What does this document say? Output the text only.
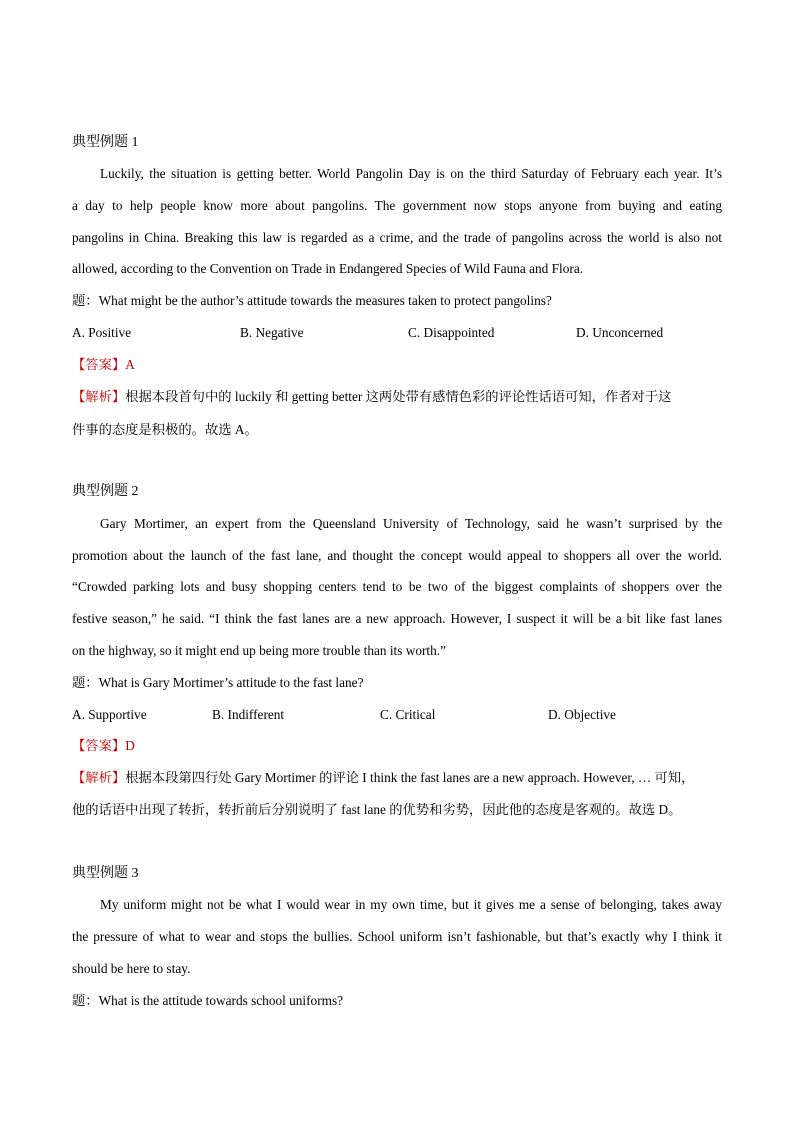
典型例题 1
Luckily, the situation is getting better. World Pangolin Day is on the third Saturday of February each year. It’s
a day to help people know more about pangolins. The government now stops anyone from buying and eating
pangolins in China. Breaking this law is regarded as a crime, and the trade of pangolins across the world is also not
allowed, according to the Convention on Trade in Endangered Species of Wild Fauna and Flora.
题：What might be the author’s attitude towards the measures taken to protect pangolins?
A. Positive	B. Negative	C. Disappointed	D. Unconcerned
【答案】A
【解析】根据本段首句中的 luckily 和 getting better 这两处带有感情色彩的评论性话语可知，作者对于这
件事的态度是积极的。故选 A。
典型例题 2
Gary Mortimer, an expert from the Queensland University of Technology, said he wasn’t surprised by the
promotion about the launch of the fast lane, and thought the concept would appeal to shoppers all over the world.
“Crowded parking lots and busy shopping centers tend to be two of the biggest complaints of shoppers over the
festive season,” he said. “I think the fast lanes are a new approach. However, I suspect it will be a bit like fast lanes
on the highway, so it might end up being more trouble than its worth.”
题：What is Gary Mortimer’s attitude to the fast lane?
A. Supportive	B. Indifferent	C. Critical	D. Objective
【答案】D
【解析】根据本段第四行处 Gary Mortimer 的评论 I think the fast lanes are a new approach. However, … 可知，
他的话语中出现了转折，转折前后分别说明了 fast lane 的优势和劣势，因此他的态度是客观的。故选 D。
典型例题 3
My uniform might not be what I would wear in my own time, but it gives me a sense of belonging, takes away
the pressure of what to wear and stops the bullies. School uniform isn’t fashionable, but that’s exactly why I think it
should be here to stay.
题：What is the attitude towards school uniforms?
